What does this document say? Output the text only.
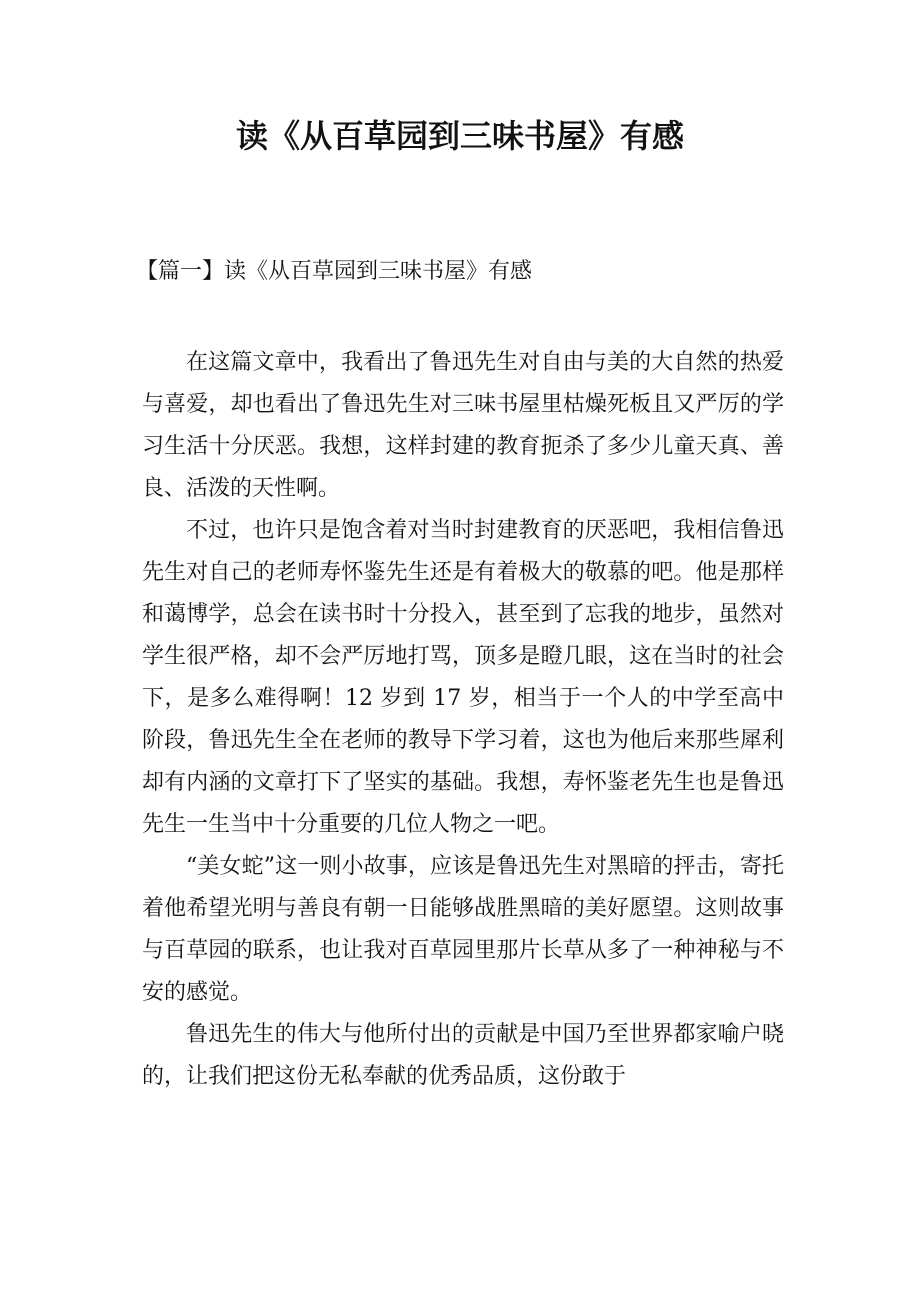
读《从百草园到三味书屋》有感
【篇一】读《从百草园到三味书屋》有感

在这篇文章中，我看出了鲁迅先生对自由与美的大自然的热爱与喜爱，却也看出了鲁迅先生对三味书屋里枯燥死板且又严厉的学习生活十分厌恶。我想，这样封建的教育扼杀了多少儿童天真、善良、活泼的天性啊。

不过，也许只是饱含着对当时封建教育的厌恶吧，我相信鲁迅先生对自己的老师寿怀鉴先生还是有着极大的敬慕的吧。他是那样和蔼博学，总会在读书时十分投入，甚至到了忘我的地步，虽然对学生很严格，却不会严厉地打骂，顶多是瞪几眼，这在当时的社会下，是多么难得啊！12 岁到 17 岁，相当于一个人的中学至高中阶段，鲁迅先生全在老师的教导下学习着，这也为他后来那些犀利却有内涵的文章打下了坚实的基础。我想，寿怀鉴老先生也是鲁迅先生一生当中十分重要的几位人物之一吧。

“美女蛇”这一则小故事，应该是鲁迅先生对黑暗的抨击，寄托着他希望光明与善良有朝一日能够战胜黑暗的美好愿望。这则故事与百草园的联系，也让我对百草园里那片长草从多了一种神秘与不安的感觉。

鲁迅先生的伟大与他所付出的贡献是中国乃至世界都家喻户晓的，让我们把这份无私奉献的优秀品质，这份敢于
